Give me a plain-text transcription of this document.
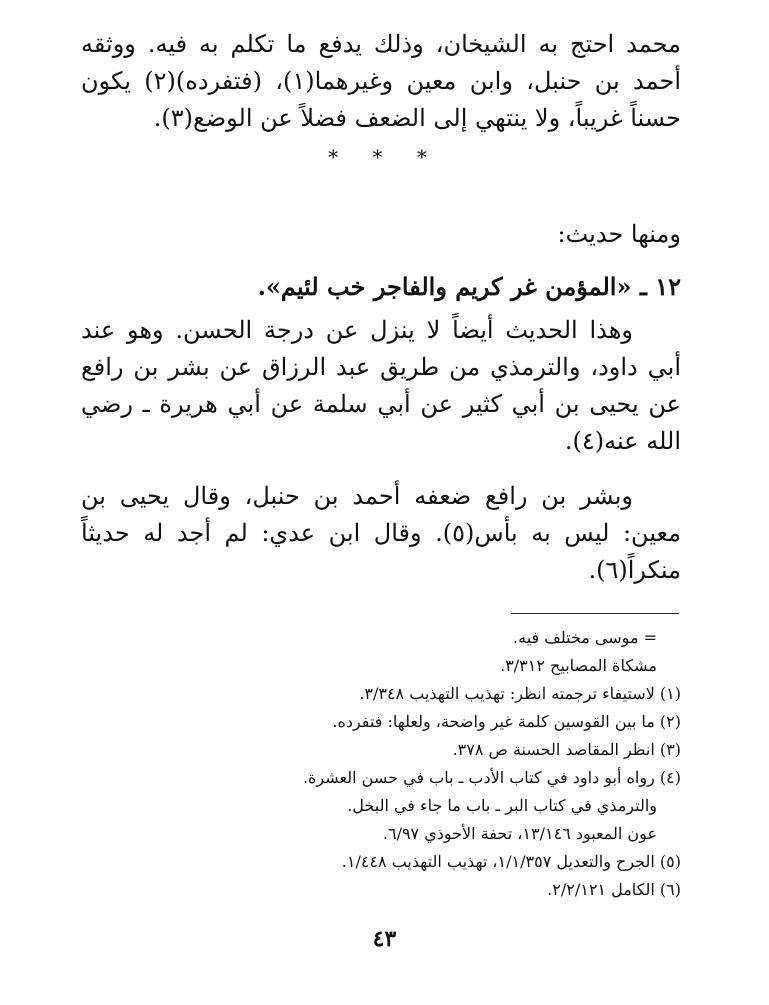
محمد احتج به الشيخان، وذلك يدفع ما تكلم به فيه. ووثقه أحمد بن حنبل، وابن معين وغيرهما(١)، (فتفرده)(٢) يكون حسناً غريباً، ولا ينتهي إلى الضعف فضلاً عن الوضع(٣).

* * *

ومنها حديث:

١٢ ـ «المؤمن غر كريم والفاجر خب لئيم».

وهذا الحديث أيضاً لا ينزل عن درجة الحسن. وهو عند أبي داود، والترمذي من طريق عبد الرزاق عن بشر بن رافع عن يحيى بن أبي كثير عن أبي سلمة عن أبي هريرة ـ رضي الله عنه(٤).

وبشر بن رافع ضعفه أحمد بن حنبل، وقال يحيى بن معين: ليس به بأس(٥). وقال ابن عدي: لم أجد له حديثاً منكراً(٦).

= موسى مختلف فيه.
مشكاة المصابيح ٣/٣١٢.
(١) لاستيفاء ترجمته انظر: تهذيب التهذيب ٣/٣٤٨.
(٢) ما بين القوسين كلمة غير واضحة، ولعلها: فتفرده.
(٣) انظر المقاصد الحسنة ص ٣٧٨.
(٤) رواه أبو داود في كتاب الأدب ـ باب في حسن العشرة.
والترمذي في كتاب البر ـ باب ما جاء في البخل.
عون المعبود ١٣/١٤٦، تحفة الأحوذي ٦/٩٧.
(٥) الجرح والتعديل ١/١/٣٥٧، تهذيب التهذيب ١/٤٤٨.
(٦) الكامل ٢/٢/١٢١.
٤٣
